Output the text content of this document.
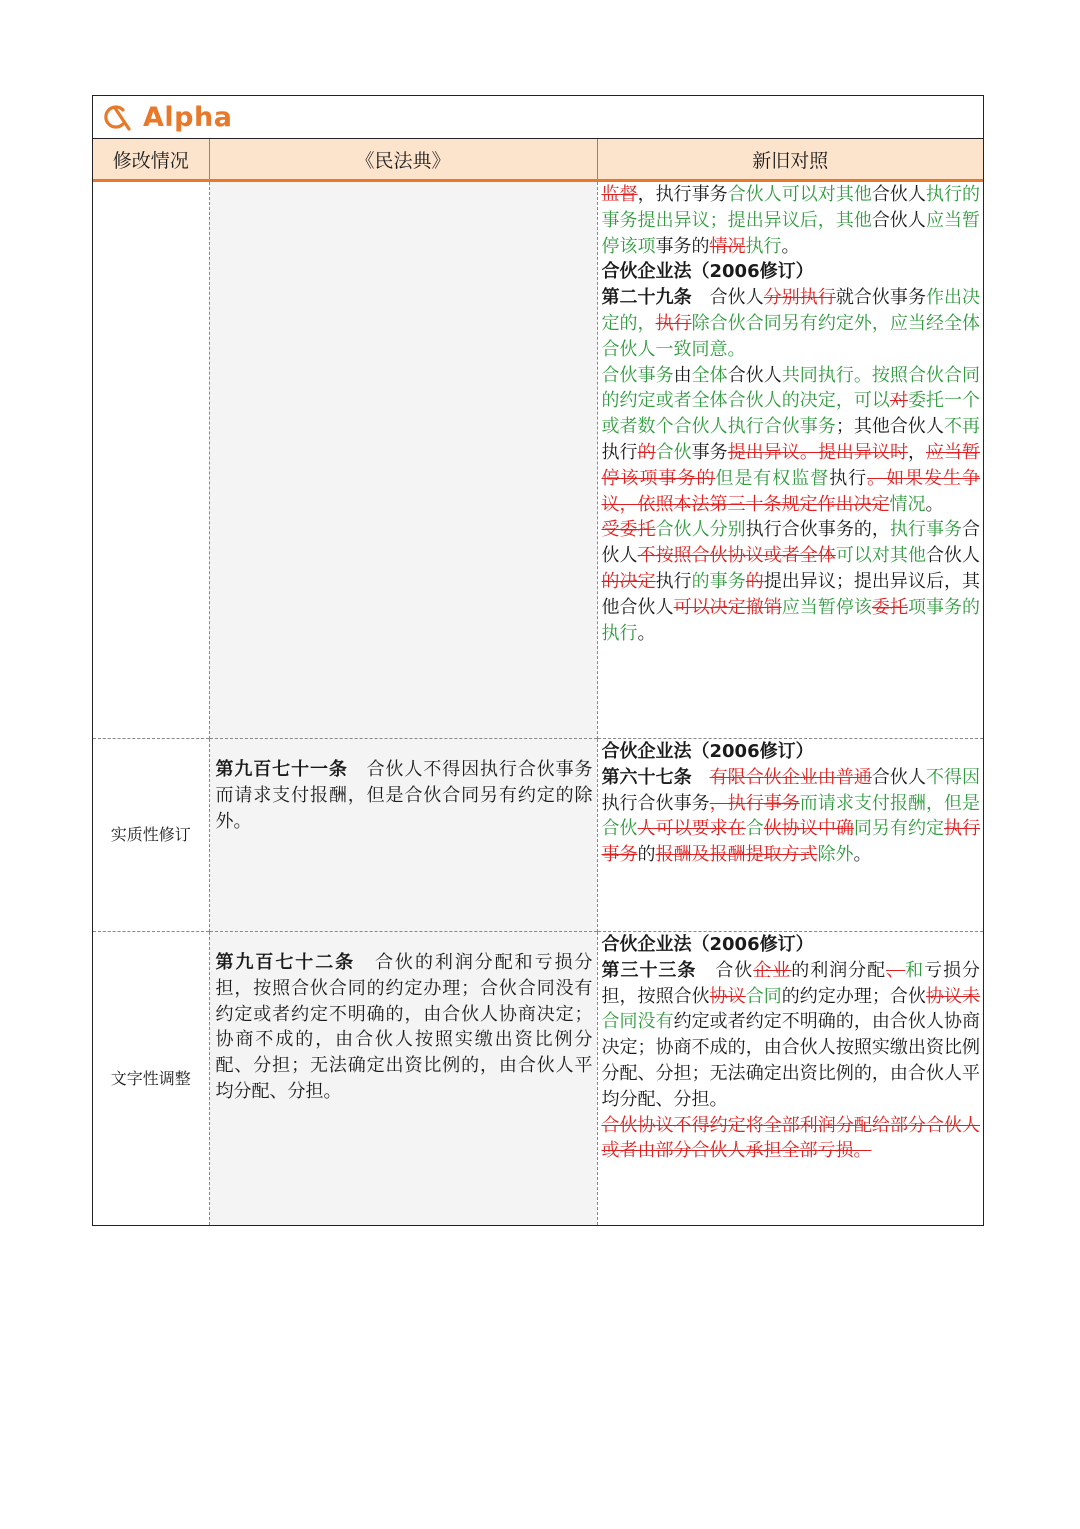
Alpha
修改情况	《民法典》	新旧对照

		监督，执行事务合伙人可以对其他合伙人执行的事务提出异议；提出异议后，其他合伙人应当暂停该项事务的情况执行。

合伙企业法（2006修订）

第二十九条　合伙人分别执行就合伙事务作出决定的，执行除合伙合同另有约定外，应当经全体合伙人一致同意。

合伙事务由全体合伙人共同执行。按照合伙合同的约定或者全体合伙人的决定，可以对委托一个或者数个合伙人执行合伙事务；其他合伙人不再执行的合伙事务提出异议。提出异议时，应当暂停该项事务的但是有权监督执行。如果发生争议，依照本法第三十条规定作出决定情况。

受委托合伙人分别执行合伙事务的，执行事务合伙人不按照合伙协议或者全体可以对其他合伙人的决定执行的事务的提出异议；提出异议后，其他合伙人可以决定撤销应当暂停该委托项事务的执行。

实质性修订	第九百七十一条　合伙人不得因执行合伙事务而请求支付报酬，但是合伙合同另有约定的除外。	合伙企业法（2006修订）

第六十七条　 有限合伙企业由普通合伙人不得因执行合伙事务，执行事务而请求支付报酬，但是合伙人可以要求在合伙协议中确同另有约定执行事务的报酬及报酬提取方式除外。

文字性调整	第九百七十二条　合伙的利润分配和亏损分担，按照合伙合同的约定办理；合伙合同没有约定或者约定不明确的，由合伙人协商决定；协商不成的，由合伙人按照实缴出资比例分配、分担；无法确定出资比例的，由合伙人平均分配、分担。	合伙企业法（2006修订）

第三十三条　合伙企业的利润分配、和亏损分担，按照合伙协议合同的约定办理；合伙协议未合同没有约定或者约定不明确的，由合伙人协商决定；协商不成的，由合伙人按照实缴出资比例分配、分担；无法确定出资比例的，由合伙人平均分配、分担。

合伙协议不得约定将全部利润分配给部分合伙人或者由部分合伙人承担全部亏损。
